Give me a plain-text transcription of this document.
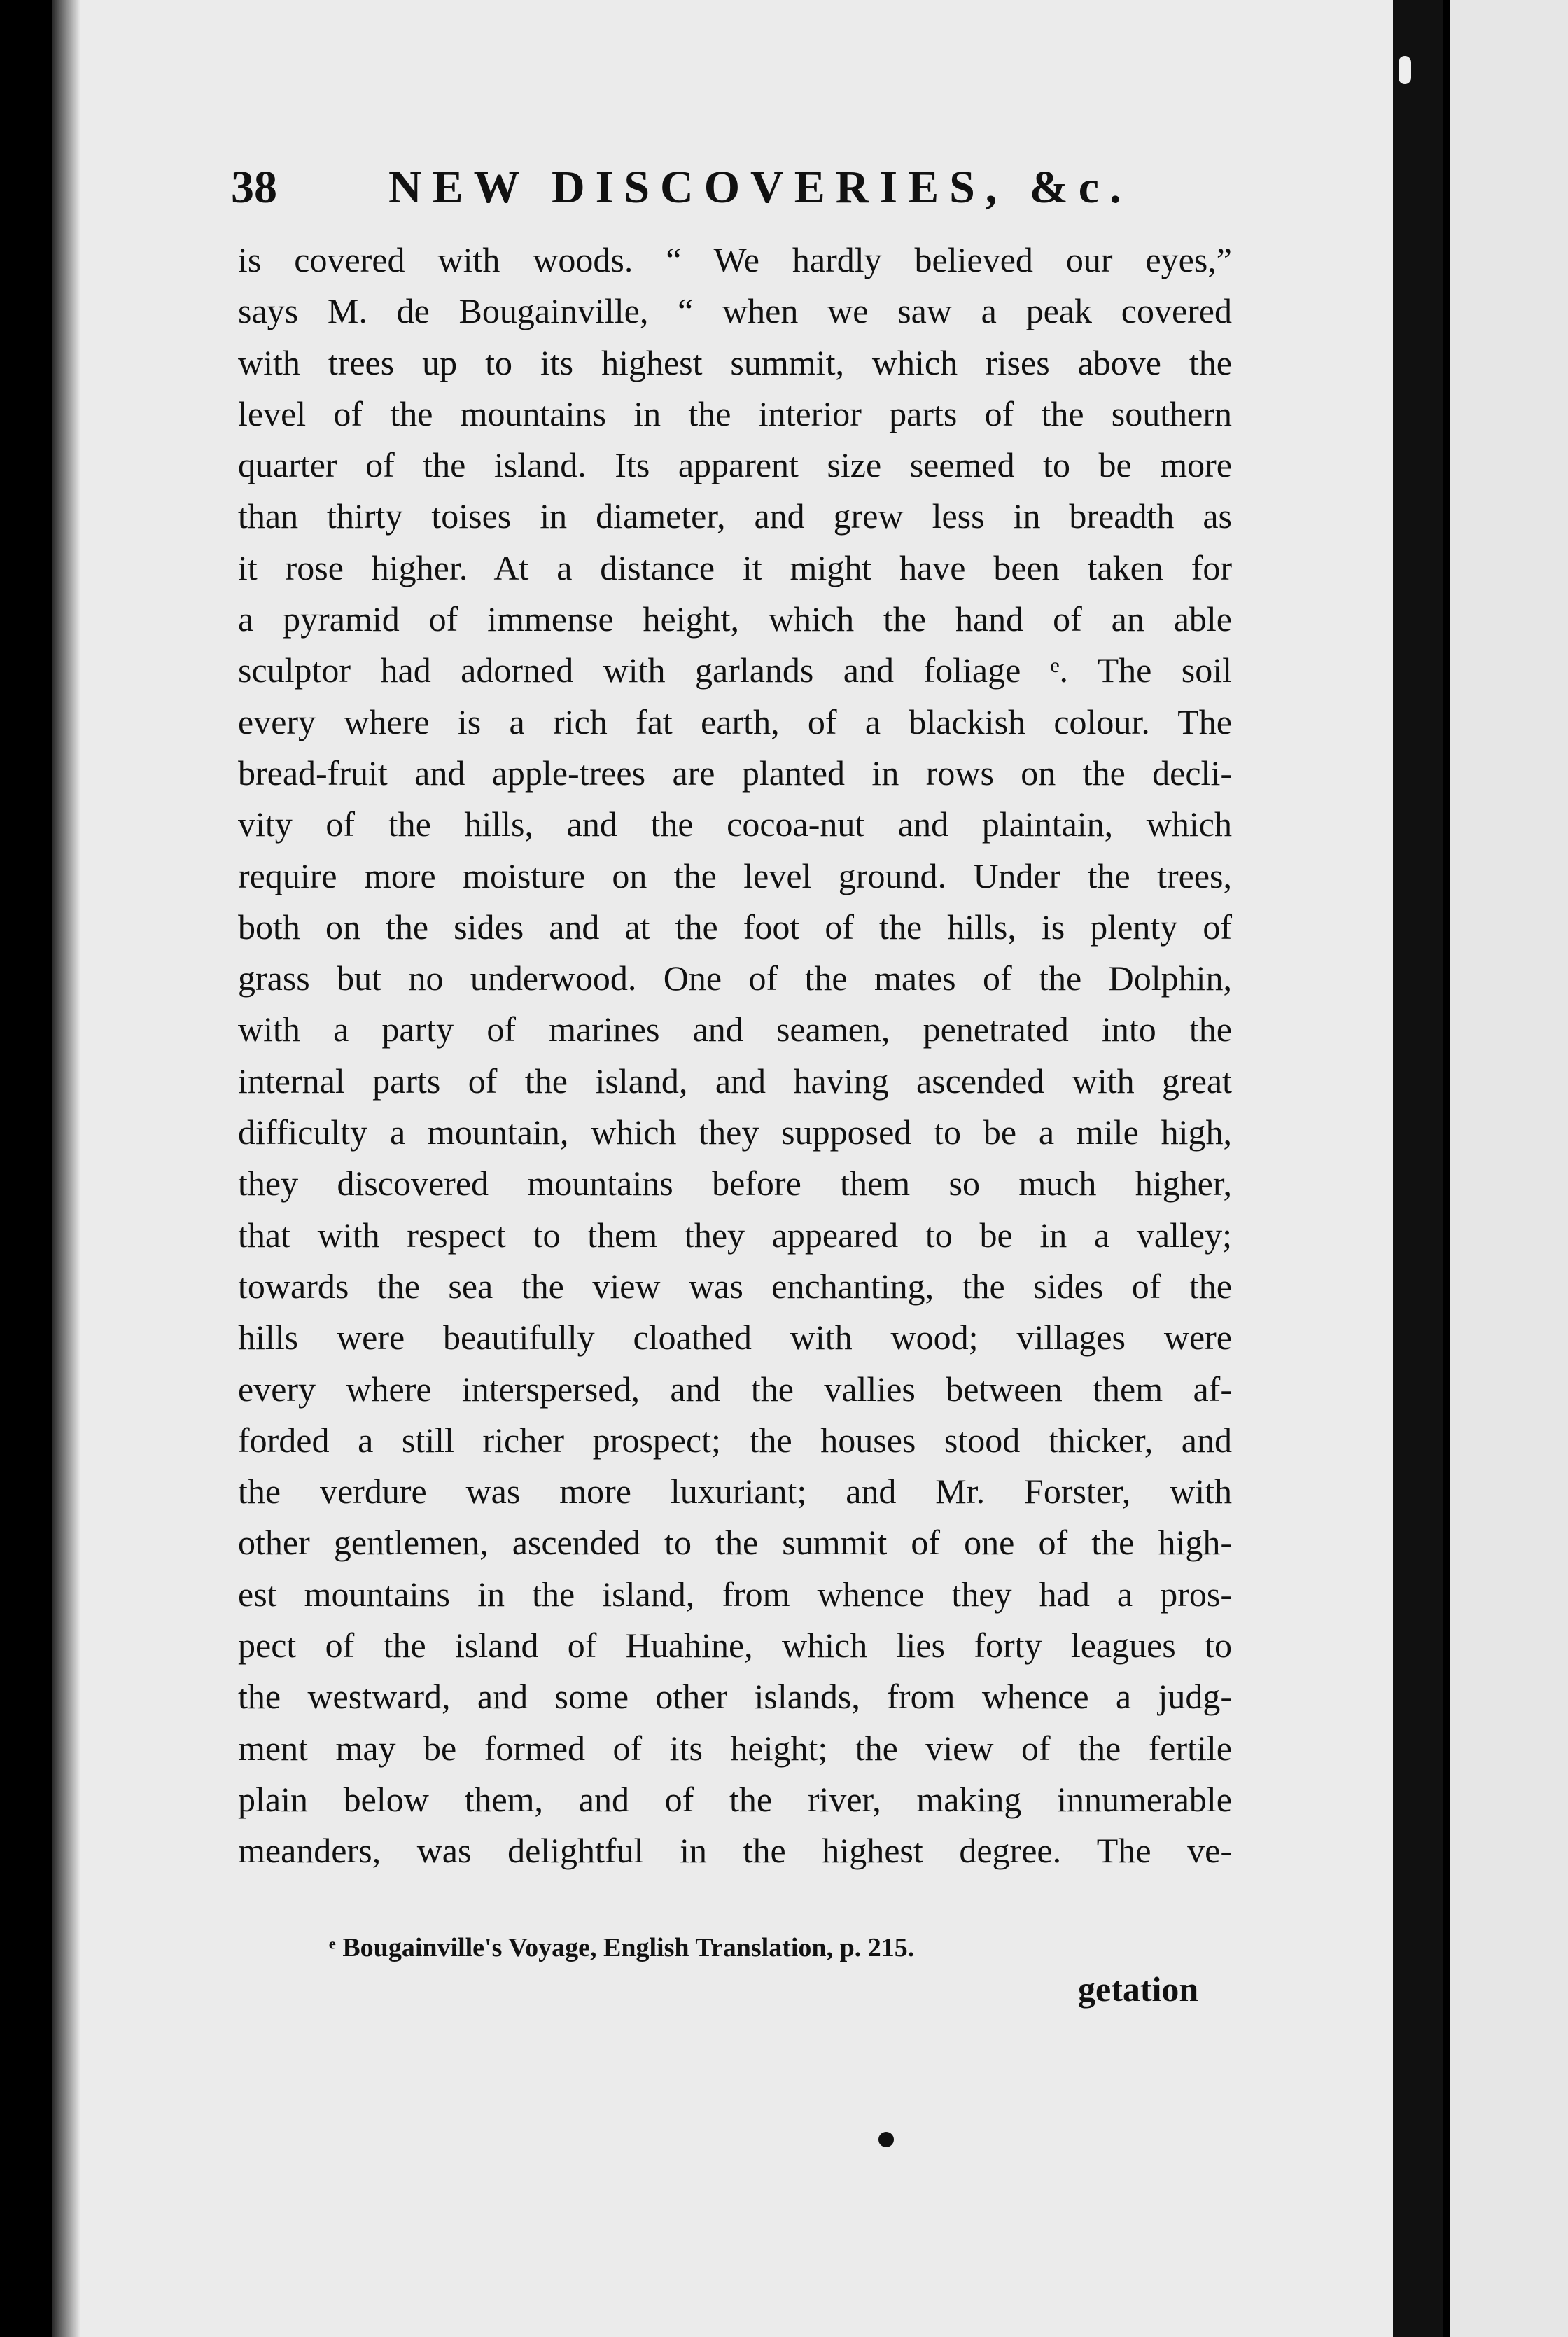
38 NEW DISCOVERIES, &c.
is covered with woods. “ We hardly believed our eyes,”
says M. de Bougainville, “ when we saw a peak covered
with trees up to its highest summit, which rises above the
level of the mountains in the interior parts of the southern
quarter of the island. Its apparent size seemed to be more
than thirty toises in diameter, and grew less in breadth as
it rose higher. At a distance it might have been taken for
a pyramid of immense height, which the hand of an able
sculptor had adorned with garlands and foliage ᵉ. The soil
every where is a rich fat earth, of a blackish colour. The
bread-fruit and apple-trees are planted in rows on the decli-
vity of the hills, and the cocoa-nut and plaintain, which
require more moisture on the level ground. Under the trees,
both on the sides and at the foot of the hills, is plenty of
grass but no underwood. One of the mates of the Dolphin,
with a party of marines and seamen, penetrated into the
internal parts of the island, and having ascended with great
difficulty a mountain, which they supposed to be a mile high,
they discovered mountains before them so much higher,
that with respect to them they appeared to be in a valley;
towards the sea the view was enchanting, the sides of the
hills were beautifully cloathed with wood; villages were
every where interspersed, and the vallies between them af-
forded a still richer prospect; the houses stood thicker, and
the verdure was more luxuriant; and Mr. Forster, with
other gentlemen, ascended to the summit of one of the high-
est mountains in the island, from whence they had a pros-
pect of the island of Huahine, which lies forty leagues to
the westward, and some other islands, from whence a judg-
ment may be formed of its height; the view of the fertile
plain below them, and of the river, making innumerable
meanders, was delightful in the highest degree. The ve-
ᵉ Bougainville's Voyage, English Translation, p. 215.
getation
